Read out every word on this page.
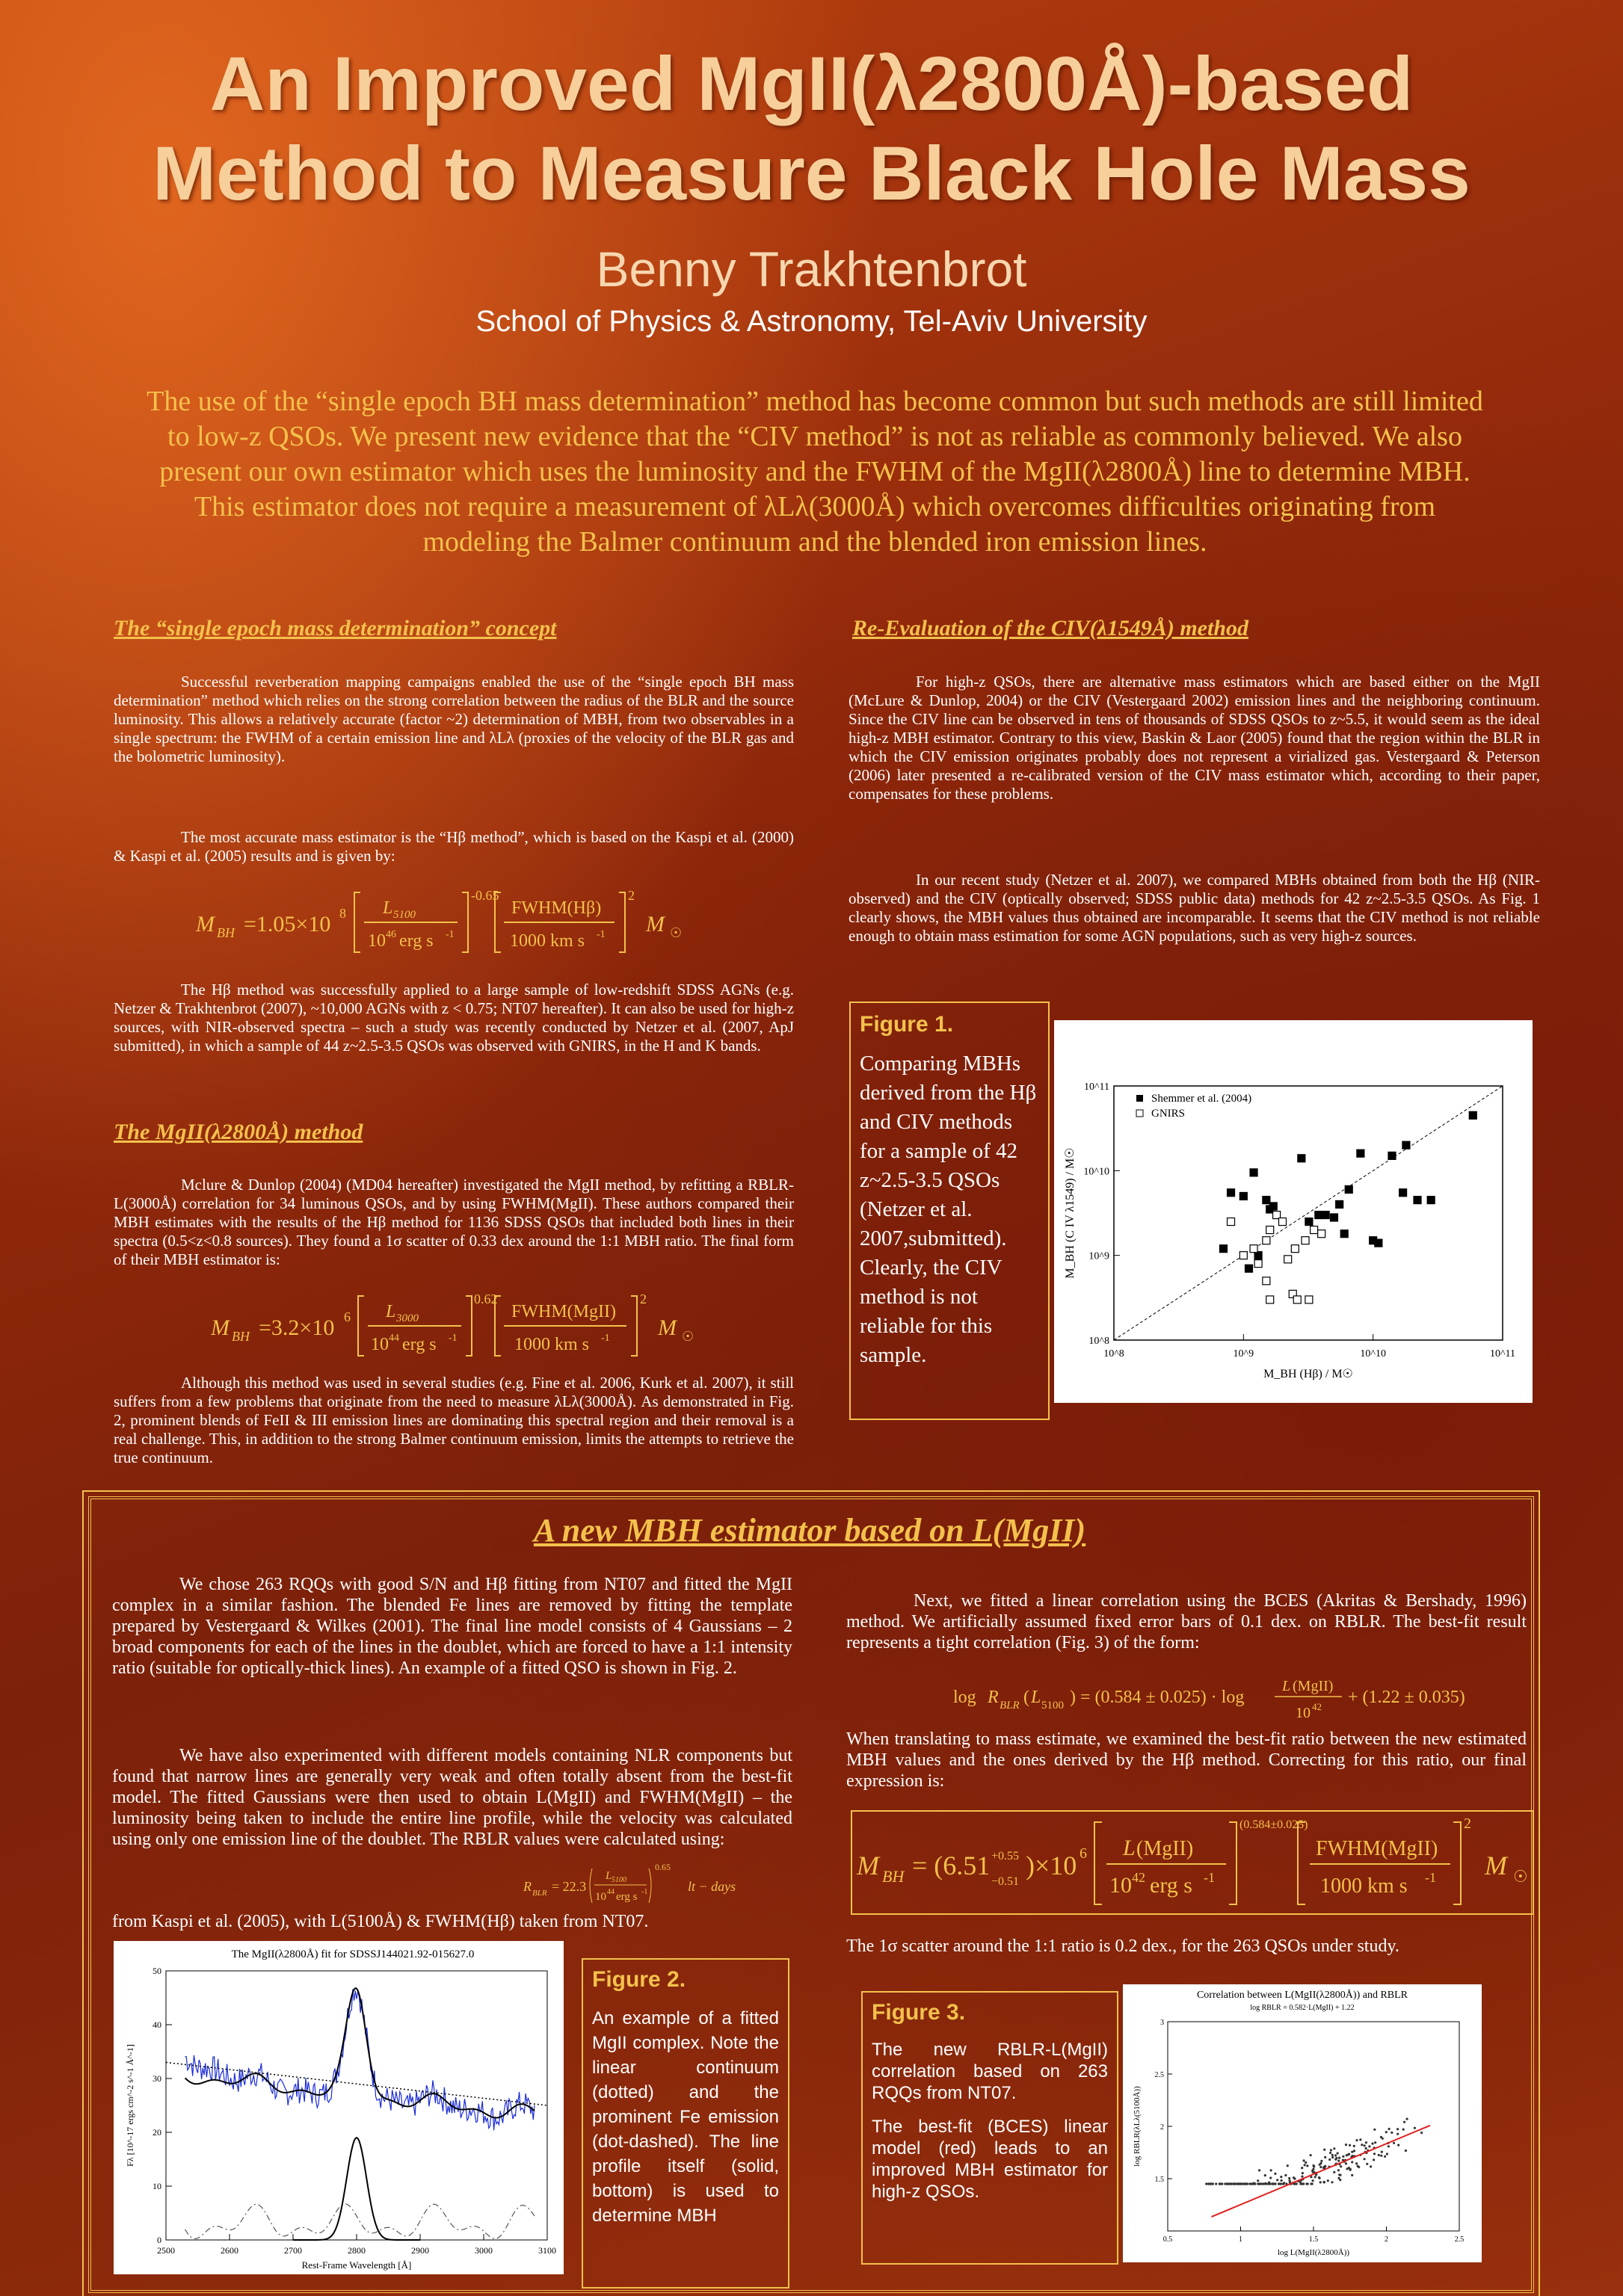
An Improved MgII(λ2800Å)-based
Method to Measure Black Hole Mass
Benny Trakhtenbrot
School of Physics & Astronomy, Tel-Aviv University
The use of the “single epoch BH mass determination” method has become common but such methods are still limited to low-z QSOs. We present new evidence that the “CIV method” is not as reliable as commonly believed. We also present our own estimator which uses the luminosity and the FWHM of the MgII(λ2800Å) line to determine MBH. This estimator does not require a measurement of λLλ(3000Å) which overcomes difficulties originating from modeling the Balmer continuum and the blended iron emission lines.
The “single epoch mass determination” concept
Successful reverberation mapping campaigns enabled the use of the “single epoch BH mass determination” method which relies on the strong correlation between the radius of the BLR and the source luminosity. This allows a relatively accurate (factor ~2) determination of MBH, from two observables in a single spectrum: the FWHM of a certain emission line and λLλ (proxies of the velocity of the BLR gas and the bolometric luminosity).
The most accurate mass estimator is the “Hβ method”, which is based on the Kaspi et al. (2000) & Kaspi et al. (2005) results and is given by:
M BH =1.05×10 8 L 5100
10 46 erg s -1
-0.65
FWHM(Hβ)
1000 km s -1
2
M ☉
The Hβ method was successfully applied to a large sample of low-redshift SDSS AGNs (e.g. Netzer & Trakhtenbrot (2007), ~10,000 AGNs with z < 0.75; NT07 hereafter). It can also be used for high-z sources, with NIR-observed spectra – such a study was recently conducted by Netzer et al. (2007, ApJ submitted), in which a sample of 44 z~2.5-3.5 QSOs was observed with GNIRS, in the H and K bands.
The MgII(λ2800Å) method
Mclure & Dunlop (2004) (MD04 hereafter) investigated the MgII method, by refitting a RBLR-L(3000Å) correlation for 34 luminous QSOs, and by using FWHM(MgII). These authors compared their MBH estimates with the results of the Hβ method for 1136 SDSS QSOs that included both lines in their spectra (0.5<z<0.8 sources). They found a 1σ scatter of 0.33 dex around the 1:1 MBH ratio. The final form of their MBH estimator is:
M BH =3.2×10 6 L 3000
10 44 erg s -1
0.62
FWHM(MgII)
1000 km s -1
2
M ☉
Although this method was used in several studies (e.g. Fine et al. 2006, Kurk et al. 2007), it still suffers from a few problems that originate from the need to measure λLλ(3000Å). As demonstrated in Fig. 2, prominent blends of FeII & III emission lines are dominating this spectral region and their removal is a real challenge. This, in addition to the strong Balmer continuum emission, limits the attempts to retrieve the true continuum.
Re-Evaluation of the CIV(λ1549Å) method
For high-z QSOs, there are alternative mass estimators which are based either on the MgII (McLure & Dunlop, 2004) or the CIV (Vestergaard 2002) emission lines and the neighboring continuum. Since the CIV line can be observed in tens of thousands of SDSS QSOs to z~5.5, it would seem as the ideal high-z MBH estimator. Contrary to this view, Baskin & Laor (2005) found that the region within the BLR in which the CIV emission originates probably does not represent a virialized gas. Vestergaard & Peterson (2006) later presented a re-calibrated version of the CIV mass estimator which, according to their paper, compensates for these problems.
In our recent study (Netzer et al. 2007), we compared MBHs obtained from both the Hβ (NIR-observed) and the CIV (optically observed; SDSS public data) methods for 42 z~2.5-3.5 QSOs. As Fig. 1 clearly shows, the MBH values thus obtained are incomparable. It seems that the CIV method is not reliable enough to obtain mass estimation for some AGN populations, such as very high-z sources.
Figure 1.
Comparing MBHs derived from the Hβ and CIV methods for a sample of 42 z~2.5-3.5 QSOs (Netzer et al. 2007,submitted). Clearly, the CIV method is not reliable for this sample.	10^8	10^9	10^10	10^11
10^8
10^9
10^10
10^11
Shemmer et al. (2004)
GNIRS
M_BH (Hβ) / M☉
M_BH (C IV λ1549) / M☉
A new MBH estimator based on L(MgII)
We chose 263 RQQs with good S/N and Hβ fitting from NT07 and fitted the MgII complex in a similar fashion. The blended Fe lines are removed by fitting the template prepared by Vestergaard & Wilkes (2001). The final line model consists of 4 Gaussians – 2 broad components for each of the lines in the doublet, which are forced to have a 1:1 intensity ratio (suitable for optically-thick lines). An example of a fitted QSO is shown in Fig. 2.
We have also experimented with different models containing NLR components but found that narrow lines are generally very weak and often totally absent from the best-fit model. The fitted Gaussians were then used to obtain L(MgII) and FWHM(MgII) – the luminosity being taken to include the entire line profile, while the velocity was calculated using only one emission line of the doublet. The RBLR values were calculated using:
R BLR = 22.3
L 5100
10 44 erg s -1
0.65
lt − days
from Kaspi et al. (2005), with L(5100Å) & FWHM(Hβ) taken from NT07.
The MgII(λ2800Å) fit for SDSSJ144021.92-015627.0
2500	2600	2700	2800	2900	3000	3100
0
10
20
30
40
50
Rest-Frame Wavelength [Å]
Fλ [10^-17 ergs cm^-2 s^-1 Å^-1]
Figure 2.
An example of a fitted MgII complex. Note the linear continuum (dotted) and the prominent Fe emission (dot-dashed). The line profile itself (solid, bottom) is used to determine MBH
Next, we fitted a linear correlation using the BCES (Akritas & Bershady, 1996) method. We artificially assumed fixed error bars of 0.1 dex. on RBLR. The best-fit result represents a tight correlation (Fig. 3) of the form:
log R BLR ( L 5100 ) = (0.584 ± 0.025) · log
L (MgII)
10 42 + (1.22 ± 0.035)
When translating to mass estimate, we examined the best-fit ratio between the new estimated MBH values and the ones derived by the Hβ method. Correcting for this ratio, our final expression is:
M BH = (6.51 +0.55
−0.51
)×10 6 L (MgII)
10 42 erg s -1
(0.584±0.025)
FWHM(MgII)
1000 km s -1
2
M ☉
The 1σ scatter around the 1:1 ratio is 0.2 dex., for the 263 QSOs under study.
Figure 3.
The new RBLR-L(MgII) correlation based on 263 RQQs from NT07.
The best-fit (BCES) linear model (red) leads to an improved MBH estimator for high-z QSOs.
Correlation between L(MgII(λ2800Å)) and RBLR
log RBLR = 0.582·L(MgII) + 1.22
0.5	1	1.5	2	2.5
1.5
2
2.5
3
log L(MgII(λ2800Å))
log RBLR(λLλ(5100Å))
